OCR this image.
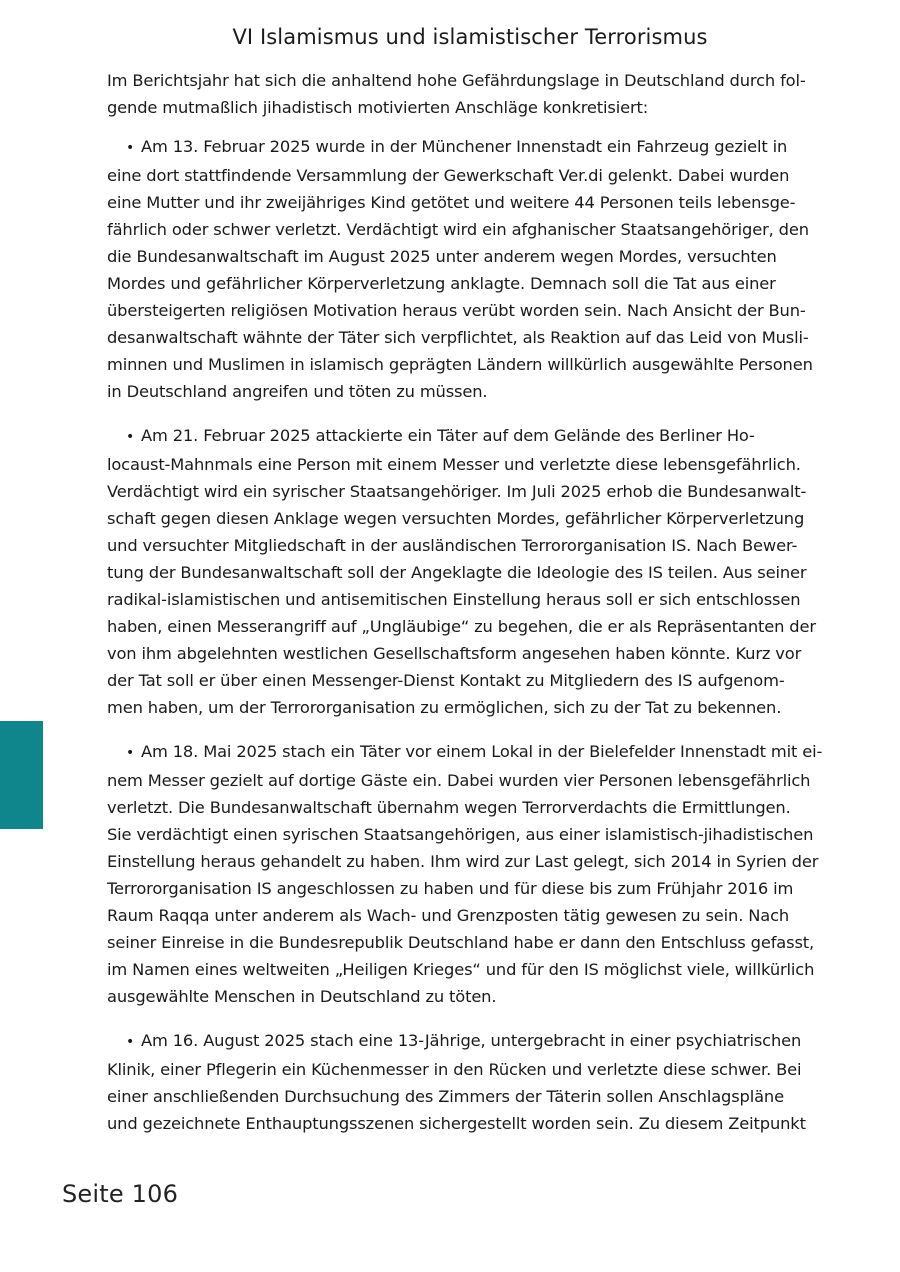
VI Islamismus und islamistischer Terrorismus

Im Berichtsjahr hat sich die anhaltend hohe Gefährdungslage in Deutschland durch fol-
gende mutmaßlich jihadistisch motivierten Anschläge konkretisiert:

• Am 13. Februar 2025 wurde in der Münchener Innenstadt ein Fahrzeug gezielt in
eine dort stattfindende Versammlung der Gewerkschaft Ver.di gelenkt. Dabei wurden
eine Mutter und ihr zweijähriges Kind getötet und weitere 44 Personen teils lebensge-
fährlich oder schwer verletzt. Verdächtigt wird ein afghanischer Staatsangehöriger, den
die Bundesanwaltschaft im August 2025 unter anderem wegen Mordes, versuchten
Mordes und gefährlicher Körperverletzung anklagte. Demnach soll die Tat aus einer
übersteigerten religiösen Motivation heraus verübt worden sein. Nach Ansicht der Bun-
desanwaltschaft wähnte der Täter sich verpflichtet, als Reaktion auf das Leid von Musli-
minnen und Muslimen in islamisch geprägten Ländern willkürlich ausgewählte Personen
in Deutschland angreifen und töten zu müssen.

• Am 21. Februar 2025 attackierte ein Täter auf dem Gelände des Berliner Ho-
locaust-Mahnmals eine Person mit einem Messer und verletzte diese lebensgefährlich.
Verdächtigt wird ein syrischer Staatsangehöriger. Im Juli 2025 erhob die Bundesanwalt-
schaft gegen diesen Anklage wegen versuchten Mordes, gefährlicher Körperverletzung
und versuchter Mitgliedschaft in der ausländischen Terrororganisation IS. Nach Bewer-
tung der Bundesanwaltschaft soll der Angeklagte die Ideologie des IS teilen. Aus seiner
radikal-islamistischen und antisemitischen Einstellung heraus soll er sich entschlossen
haben, einen Messerangriff auf „Ungläubige“ zu begehen, die er als Repräsentanten der
von ihm abgelehnten westlichen Gesellschaftsform angesehen haben könnte. Kurz vor
der Tat soll er über einen Messenger-Dienst Kontakt zu Mitgliedern des IS aufgenom-
men haben, um der Terrororganisation zu ermöglichen, sich zu der Tat zu bekennen.

• Am 18. Mai 2025 stach ein Täter vor einem Lokal in der Bielefelder Innenstadt mit ei-
nem Messer gezielt auf dortige Gäste ein. Dabei wurden vier Personen lebensgefährlich
verletzt. Die Bundesanwaltschaft übernahm wegen Terrorverdachts die Ermittlungen.
Sie verdächtigt einen syrischen Staatsangehörigen, aus einer islamistisch-jihadistischen
Einstellung heraus gehandelt zu haben. Ihm wird zur Last gelegt, sich 2014 in Syrien der
Terrororganisation IS angeschlossen zu haben und für diese bis zum Frühjahr 2016 im
Raum Raqqa unter anderem als Wach- und Grenzposten tätig gewesen zu sein. Nach
seiner Einreise in die Bundesrepublik Deutschland habe er dann den Entschluss gefasst,
im Namen eines weltweiten „Heiligen Krieges“ und für den IS möglichst viele, willkürlich
ausgewählte Menschen in Deutschland zu töten.

• Am 16. August 2025 stach eine 13-Jährige, untergebracht in einer psychiatrischen
Klinik, einer Pflegerin ein Küchenmesser in den Rücken und verletzte diese schwer. Bei
einer anschließenden Durchsuchung des Zimmers der Täterin sollen Anschlagspläne
und gezeichnete Enthauptungsszenen sichergestellt worden sein. Zu diesem Zeitpunkt

Seite 106
